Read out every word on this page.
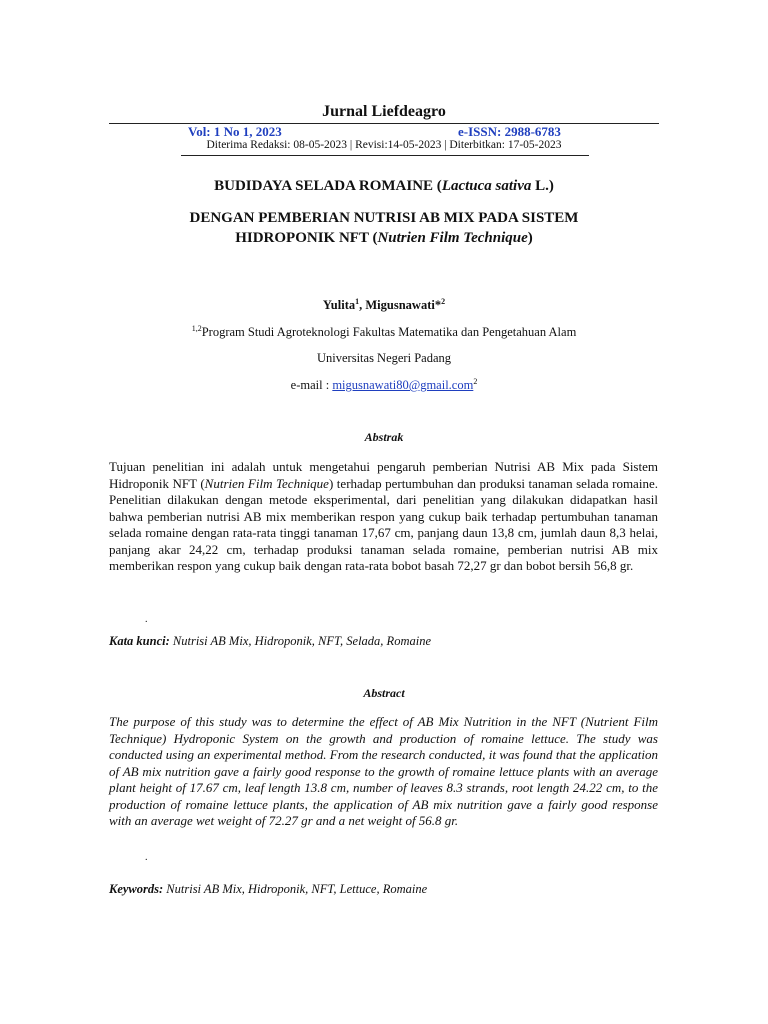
Jurnal Liefdeagro
Vol: 1 No 1, 2023	e-ISSN: 2988-6783
Diterima Redaksi: 08-05-2023 | Revisi:14-05-2023 | Diterbitkan: 17-05-2023
BUDIDAYA SELADA ROMAINE (Lactuca sativa L.)
DENGAN PEMBERIAN NUTRISI AB MIX PADA SISTEM
HIDROPONIK NFT (Nutrien Film Technique)
Yulita$^1$, Migusnawati*$^2$
$^{1,2}$Program Studi Agroteknologi Fakultas Matematika dan Pengetahuan Alam
Universitas Negeri Padang
e-mail : migusnawati80@gmail.com$^2$
Abstrak
Tujuan penelitian ini adalah untuk mengetahui pengaruh pemberian Nutrisi AB Mix pada Sistem Hidroponik NFT (Nutrien Film Technique) terhadap pertumbuhan dan produksi tanaman selada romaine. Penelitian dilakukan dengan metode eksperimental, dari penelitian yang dilakukan didapatkan hasil bahwa pemberian nutrisi AB mix memberikan respon yang cukup baik terhadap pertumbuhan tanaman selada romaine dengan rata-rata tinggi tanaman 17,67 cm, panjang daun 13,8 cm, jumlah daun 8,3 helai, panjang akar 24,22 cm, terhadap produksi tanaman selada romaine, pemberian nutrisi AB mix memberikan respon yang cukup baik dengan rata-rata bobot basah 72,27 gr dan bobot bersih 56,8 gr.
.
Kata kunci: Nutrisi AB Mix, Hidroponik, NFT, Selada, Romaine
Abstract
The purpose of this study was to determine the effect of AB Mix Nutrition in the NFT (Nutrient Film Technique) Hydroponic System on the growth and production of romaine lettuce. The study was conducted using an experimental method. From the research conducted, it was found that the application of AB mix nutrition gave a fairly good response to the growth of romaine lettuce plants with an average plant height of 17.67 cm, leaf length 13.8 cm, number of leaves 8.3 strands, root length 24.22 cm, to the production of romaine lettuce plants, the application of AB mix nutrition gave a fairly good response with an average wet weight of 72.27 gr and a net weight of 56.8 gr.
.
Keywords: Nutrisi AB Mix, Hidroponik, NFT, Lettuce, Romaine
